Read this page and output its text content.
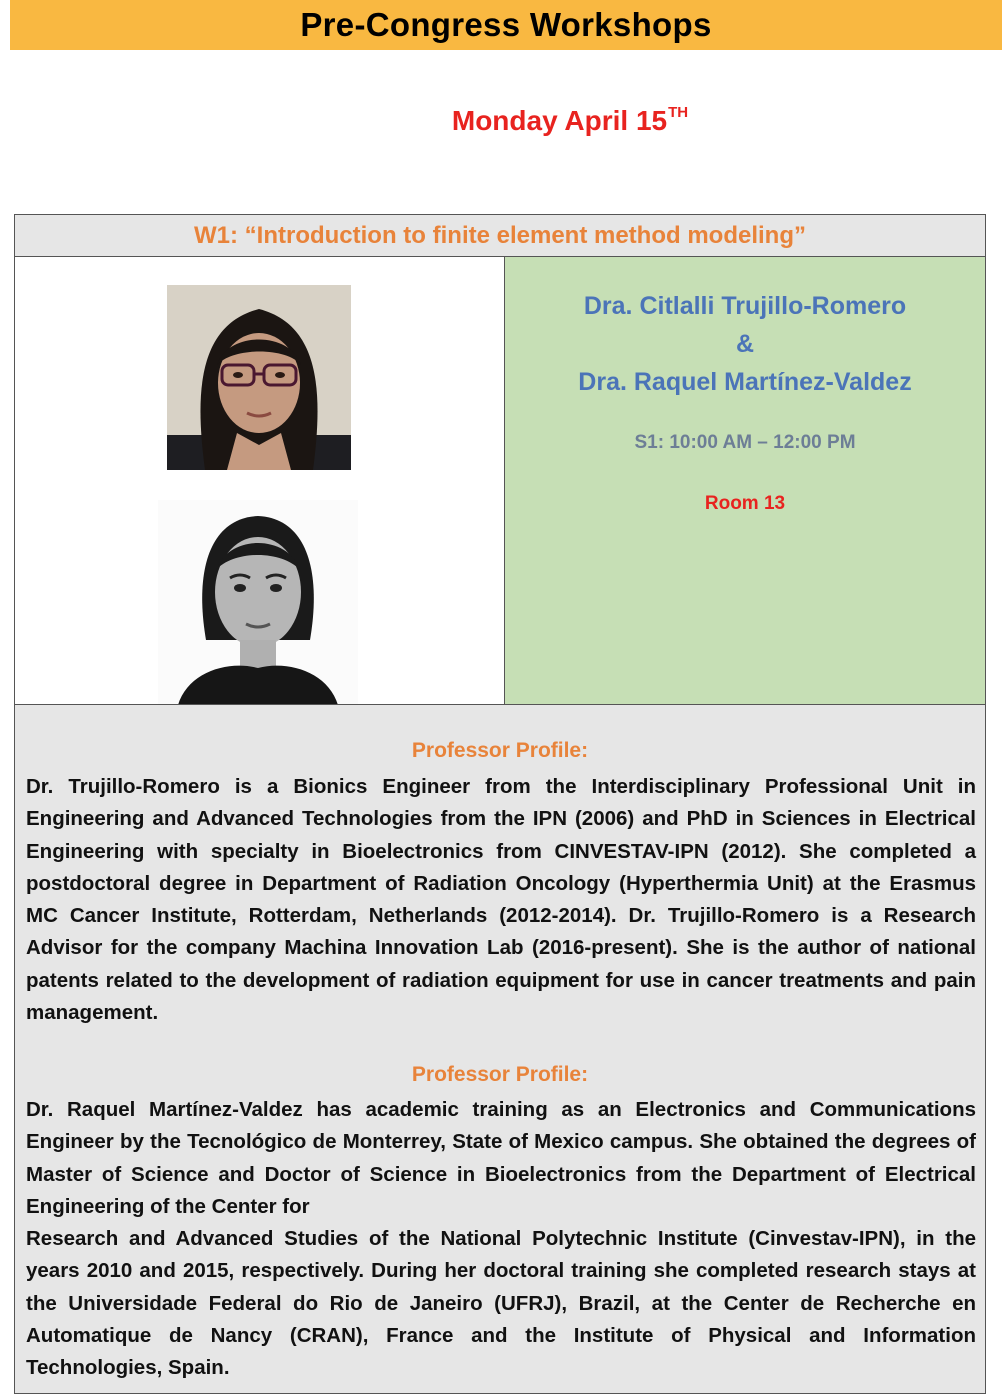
Pre-Congress Workshops
Monday April 15TH
W1: “Introduction to finite element method modeling”
Dra. Citlalli Trujillo-Romero
&
Dra. Raquel Martínez-Valdez
S1: 10:00 AM – 12:00 PM
Room 13
Professor Profile:

Dr. Trujillo-Romero is a Bionics Engineer from the Interdisciplinary Professional Unit in Engineering and Advanced Technologies from the IPN (2006) and PhD in Sciences in Electrical Engineering with specialty in Bioelectronics from CINVESTAV-IPN (2012). She completed a postdoctoral degree in Department of Radiation Oncology (Hyperthermia Unit) at the Erasmus MC Cancer Institute, Rotterdam, Netherlands (2012-2014). Dr. Trujillo-Romero is a Research Advisor for the company Machina Innovation Lab (2016-present). She is the author of national patents related to the development of radiation equipment for use in cancer treatments and pain management.

Professor Profile:

Dr. Raquel Martínez-Valdez has academic training as an Electronics and Communications Engineer by the Tecnológico de Monterrey, State of Mexico campus. She obtained the degrees of Master of Science and Doctor of Science in Bioelectronics from the Department of Electrical Engineering of the Center for

Research and Advanced Studies of the National Polytechnic Institute (Cinvestav-IPN), in the years 2010 and 2015, respectively. During her doctoral training she completed research stays at the Universidade Federal do Rio de Janeiro (UFRJ), Brazil, at the Center de Recherche en Automatique de Nancy (CRAN), France and the Institute of Physical and Information Technologies, Spain.
